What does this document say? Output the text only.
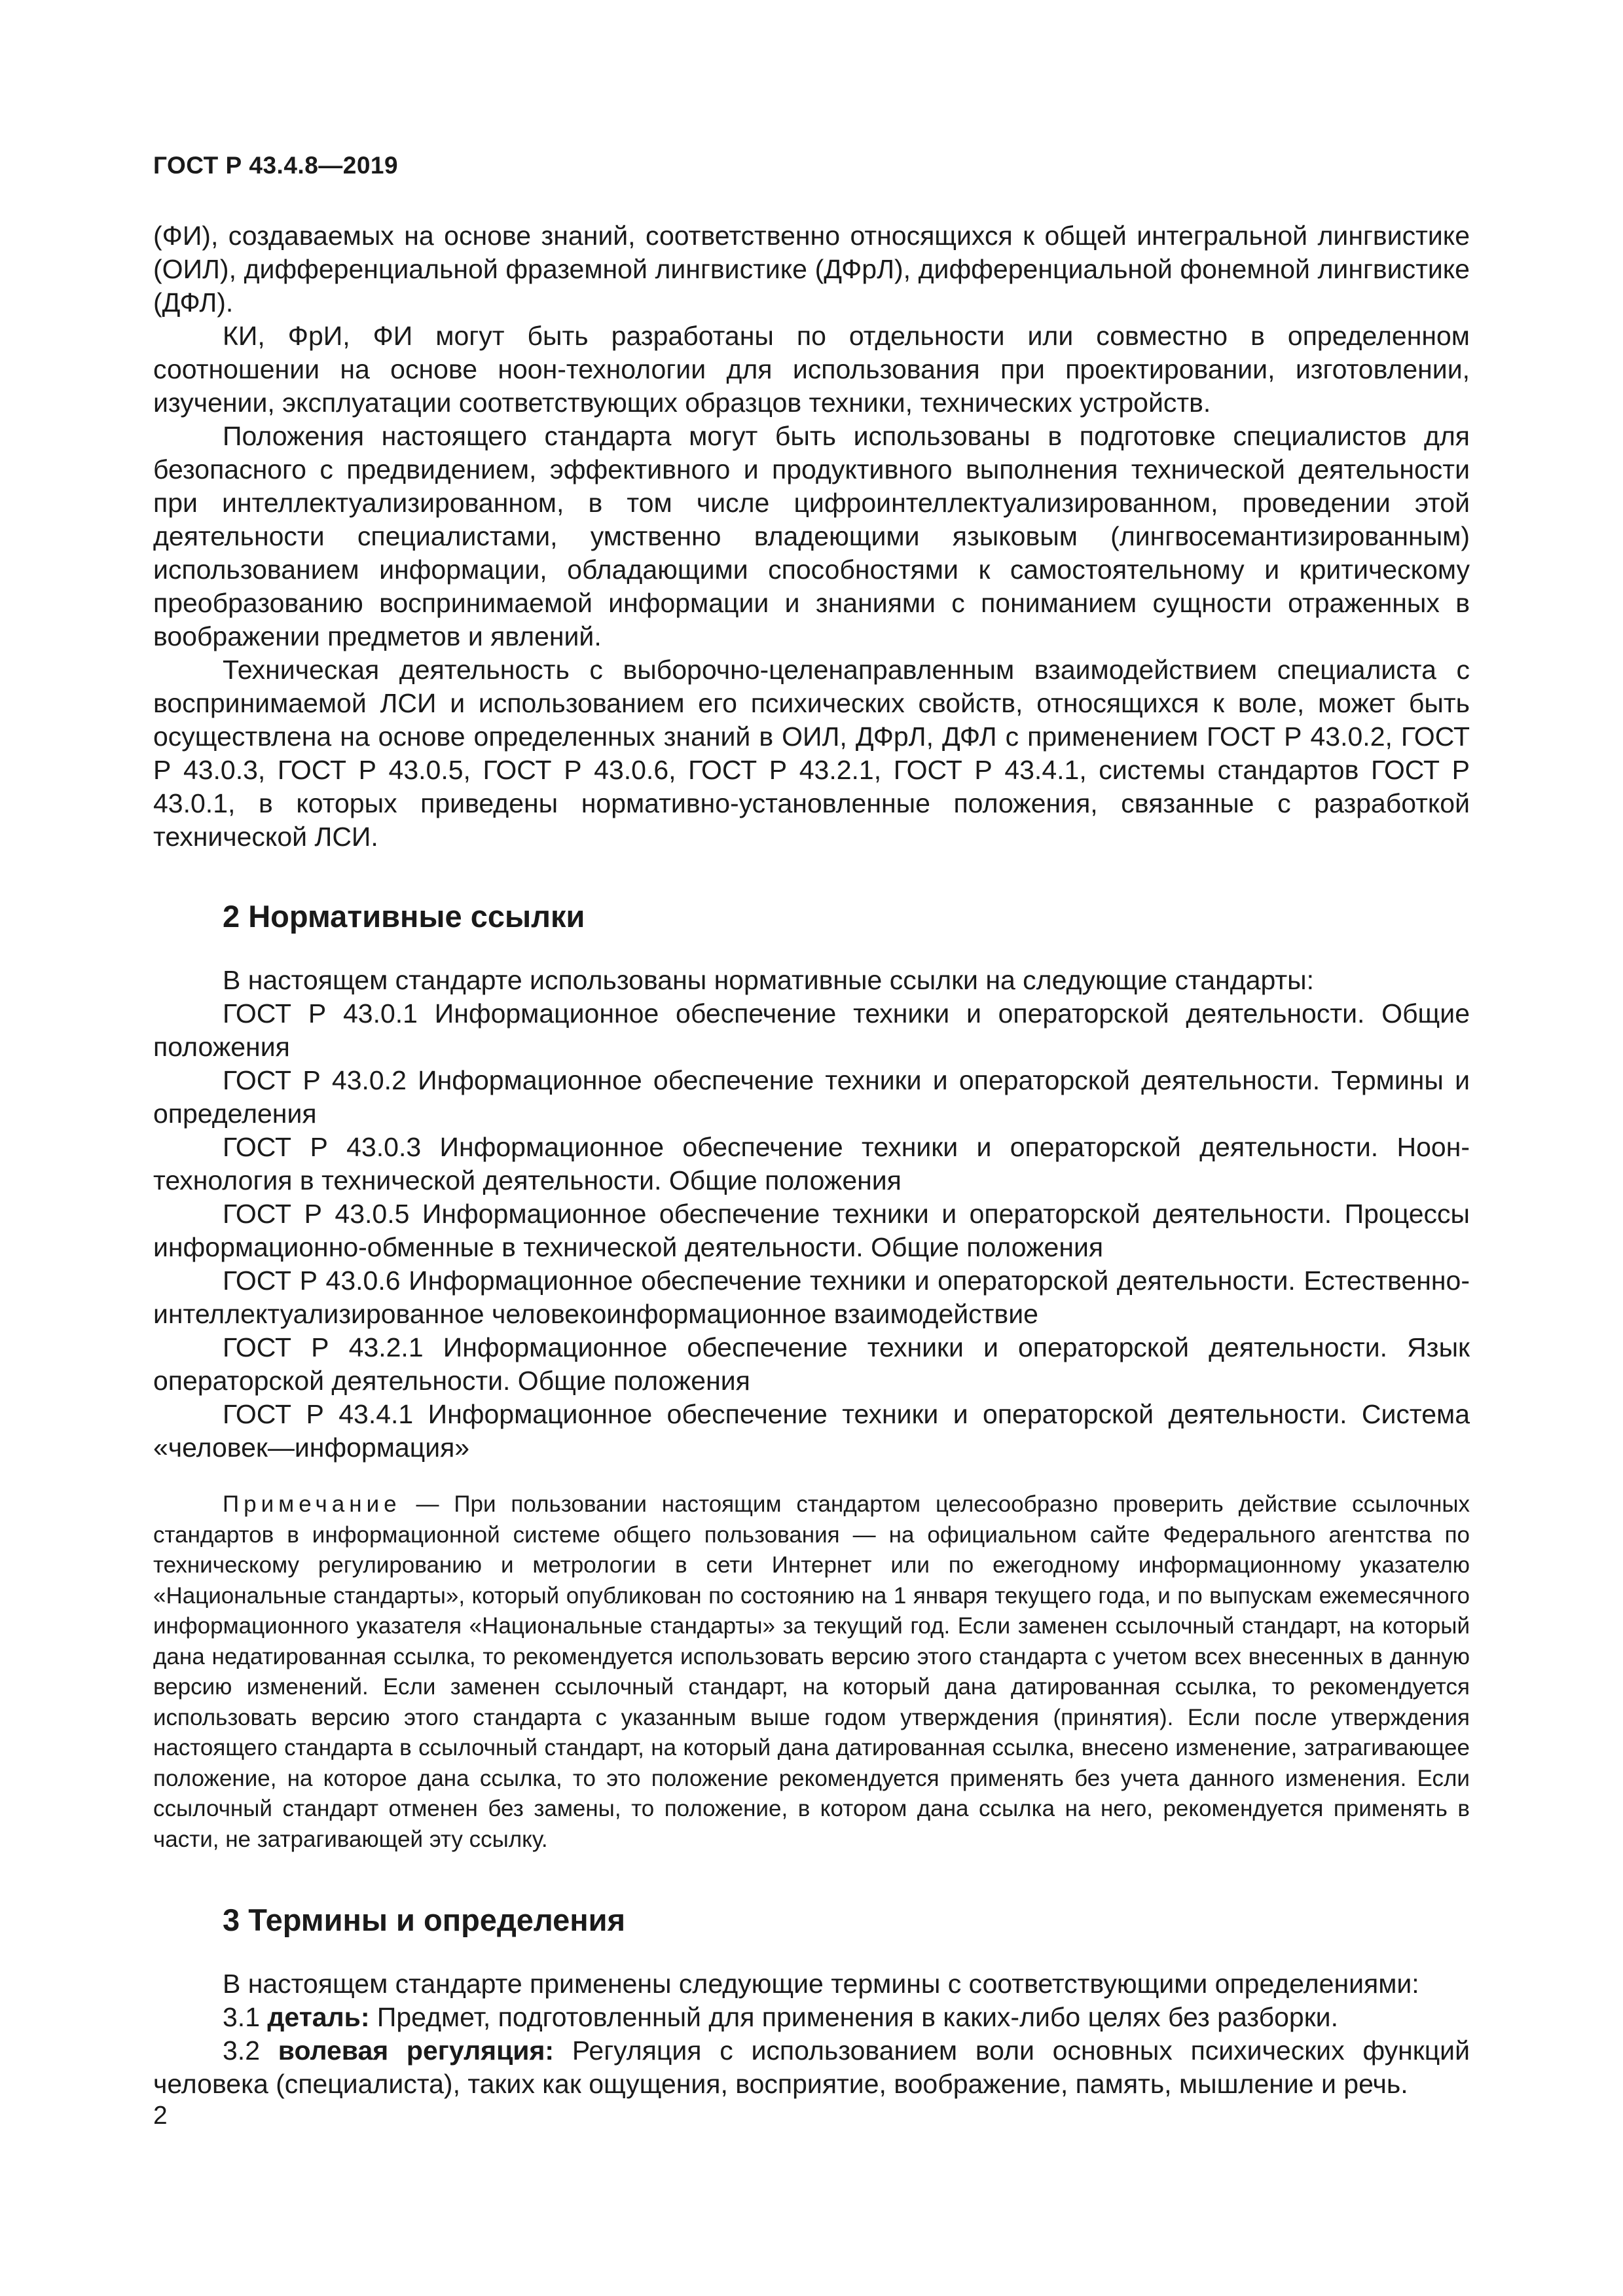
ГОСТ Р 43.4.8—2019

(ФИ), создаваемых на основе знаний, соответственно относящихся к общей интегральной лингвистике (ОИЛ), дифференциальной фраземной лингвистике (ДФрЛ), дифференциальной фонемной лингвистике (ДФЛ).

КИ, ФрИ, ФИ могут быть разработаны по отдельности или совместно в определенном соотношении на основе ноон-технологии для использования при проектировании, изготовлении, изучении, эксплуатации соответствующих образцов техники, технических устройств.

Положения настоящего стандарта могут быть использованы в подготовке специалистов для безопасного с предвидением, эффективного и продуктивного выполнения технической деятельности при интеллектуализированном, в том числе цифроинтеллектуализированном, проведении этой деятельности специалистами, умственно владеющими языковым (лингвосемантизированным) использованием информации, обладающими способностями к самостоятельному и критическому преобразованию воспринимаемой информации и знаниями с пониманием сущности отраженных в воображении предметов и явлений.

Техническая деятельность с выборочно-целенаправленным взаимодействием специалиста с воспринимаемой ЛСИ и использованием его психических свойств, относящихся к воле, может быть осуществлена на основе определенных знаний в ОИЛ, ДФрЛ, ДФЛ с применением ГОСТ Р 43.0.2, ГОСТ Р 43.0.3, ГОСТ Р 43.0.5, ГОСТ Р 43.0.6, ГОСТ Р 43.2.1, ГОСТ Р 43.4.1, системы стандартов ГОСТ Р 43.0.1, в которых приведены нормативно-установленные положения, связанные с разработкой технической ЛСИ.

2 Нормативные ссылки

В настоящем стандарте использованы нормативные ссылки на следующие стандарты:

ГОСТ Р 43.0.1 Информационное обеспечение техники и операторской деятельности. Общие положения

ГОСТ Р 43.0.2 Информационное обеспечение техники и операторской деятельности. Термины и определения

ГОСТ Р 43.0.3 Информационное обеспечение техники и операторской деятельности. Ноон-технология в технической деятельности. Общие положения

ГОСТ Р 43.0.5 Информационное обеспечение техники и операторской деятельности. Процессы информационно-обменные в технической деятельности. Общие положения

ГОСТ Р 43.0.6 Информационное обеспечение техники и операторской деятельности. Естественно-интеллектуализированное человекоинформационное взаимодействие

ГОСТ Р 43.2.1 Информационное обеспечение техники и операторской деятельности. Язык операторской деятельности. Общие положения

ГОСТ Р 43.4.1 Информационное обеспечение техники и операторской деятельности. Система «человек—информация»

Примечание — При пользовании настоящим стандартом целесообразно проверить действие ссылочных стандартов в информационной системе общего пользования — на официальном сайте Федерального агентства по техническому регулированию и метрологии в сети Интернет или по ежегодному информационному указателю «Национальные стандарты», который опубликован по состоянию на 1 января текущего года, и по выпускам ежемесячного информационного указателя «Национальные стандарты» за текущий год. Если заменен ссылочный стандарт, на который дана недатированная ссылка, то рекомендуется использовать версию этого стандарта с учетом всех внесенных в данную версию изменений. Если заменен ссылочный стандарт, на который дана датированная ссылка, то рекомендуется использовать версию этого стандарта с указанным выше годом утверждения (принятия). Если после утверждения настоящего стандарта в ссылочный стандарт, на который дана датированная ссылка, внесено изменение, затрагивающее положение, на которое дана ссылка, то это положение рекомендуется применять без учета данного изменения. Если ссылочный стандарт отменен без замены, то положение, в котором дана ссылка на него, рекомендуется применять в части, не затрагивающей эту ссылку.
3 Термины и определения

В настоящем стандарте применены следующие термины с соответствующими определениями:

3.1 деталь: Предмет, подготовленный для применения в каких-либо целях без разборки.

3.2 волевая регуляция: Регуляция с использованием воли основных психических функций человека (специалиста), таких как ощущения, восприятие, воображение, память, мышление и речь.

2
